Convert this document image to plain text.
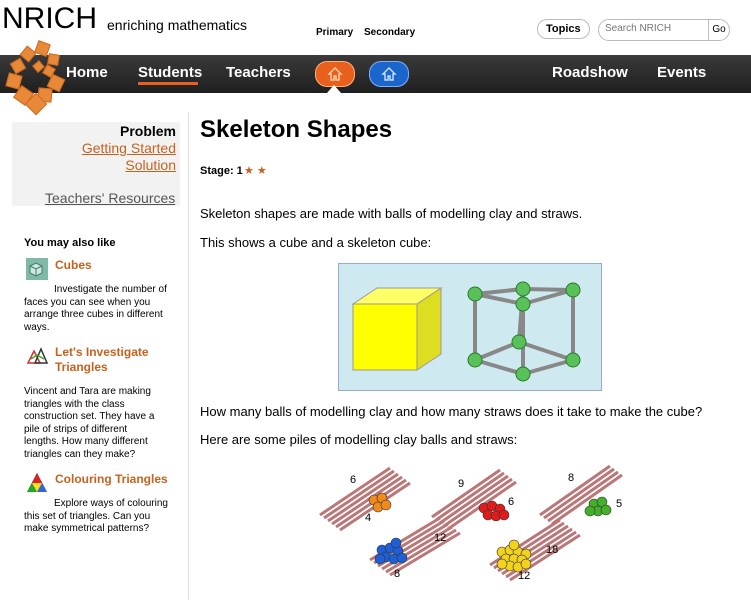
NRICH enriching mathematics	Topics
Search NRICH	Go
Primary Secondary
Home Students Teachers	Roadshow Events
Problem
Getting Started
Solution
Teachers' Resources
You may also like
Cubes
Investigate the number of faces you can see when you arrange three cubes in different ways.
Let's Investigate Triangles
Vincent and Tara are making triangles with the class construction set. They have a pile of strips of different lengths. How many different triangles can they make?
Colouring Triangles
Explore ways of colouring this set of triangles. Can you make symmetrical patterns?
Skeleton Shapes
Stage: 1 ★ ★
Skeleton shapes are made with balls of modelling clay and straws.
This shows a cube and a skeleton cube:
How many balls of modelling clay and how many straws does it take to make the cube?
Here are some piles of modelling clay balls and straws:
6
4
12
8
9
6
18
12
8
5
